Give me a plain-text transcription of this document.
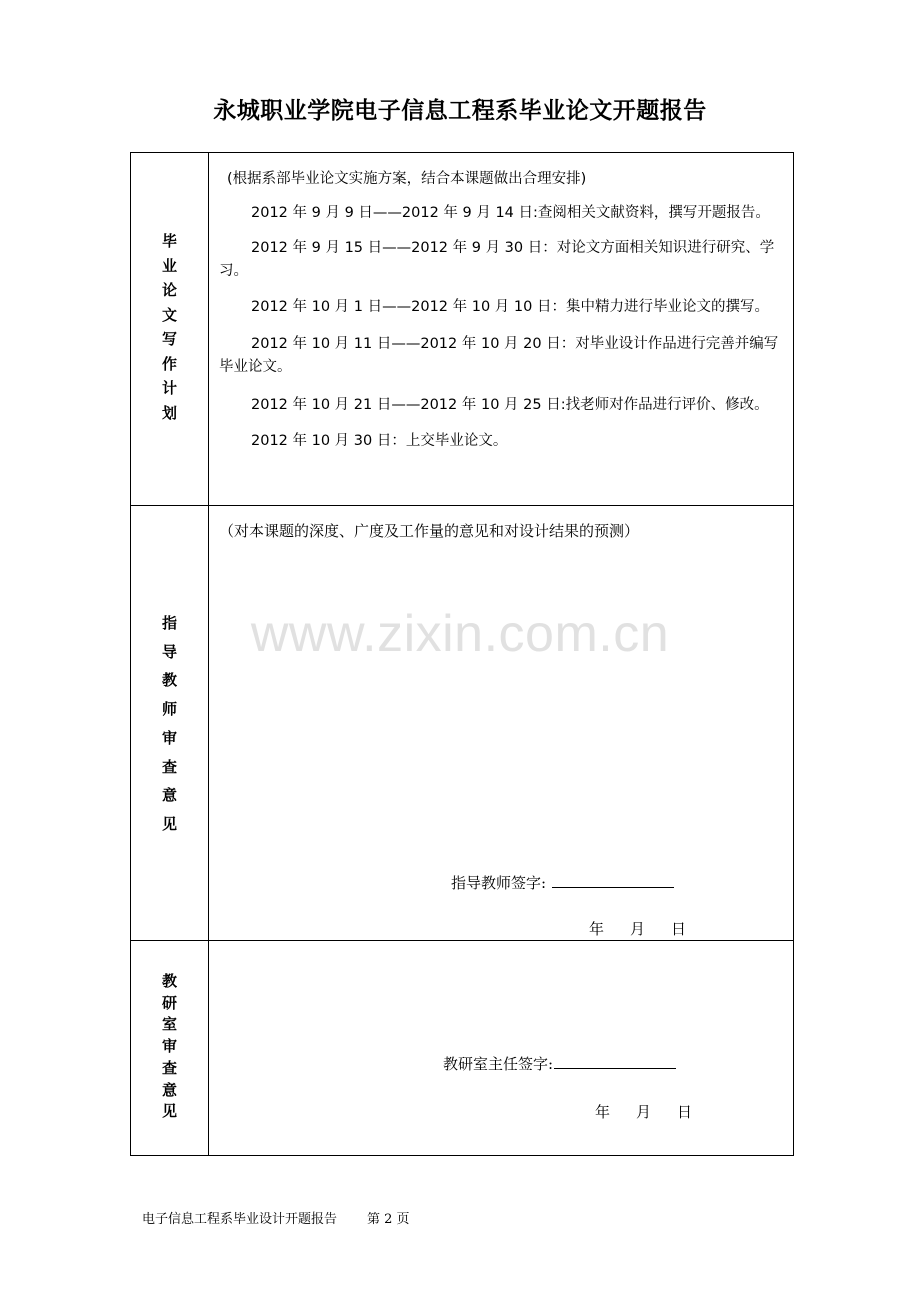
永城职业学院电子信息工程系毕业论文开题报告
毕
业
论
文
写
作
计
划
(根据系部毕业论文实施方案，结合本课题做出合理安排)
2012 年 9 月 9 日——2012 年 9 月 14 日:查阅相关文献资料，撰写开题报告。
2012 年 9 月 15 日——2012 年 9 月 30 日：对论文方面相关知识进行研究、学习。
2012 年 10 月 1 日——2012 年 10 月 10 日：集中精力进行毕业论文的撰写。
2012 年 10 月 11 日——2012 年 10 月 20 日：对毕业设计作品进行完善并编写毕业论文。
2012 年 10 月 21 日——2012 年 10 月 25 日:找老师对作品进行评价、修改。
2012 年 10 月 30 日：上交毕业论文。
指
导
教
师
审
查
意
见
（对本课题的深度、广度及工作量的意见和对设计结果的预测）
指导教师签字:
年 月 日
教
研
室
审
查
意
见
教研室主任签字:
年 月 日
www.zixin.com.cn
电子信息工程系毕业设计开题报告 第 2 页
